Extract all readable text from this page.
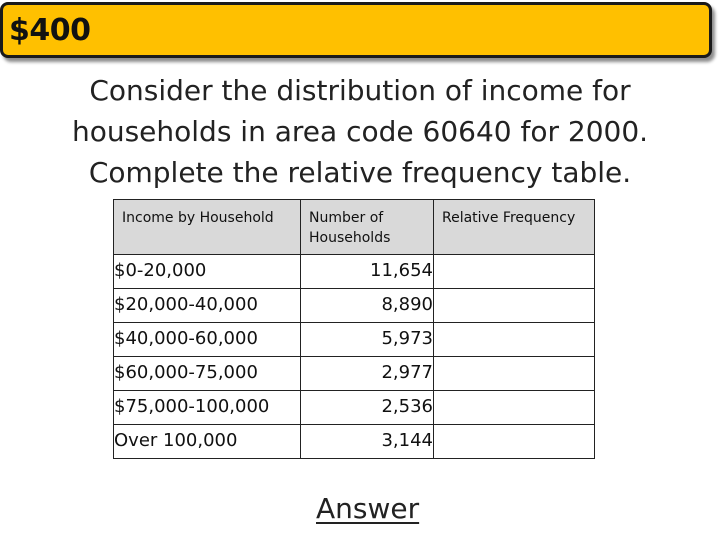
$400
Consider the distribution of income for
households in area code 60640 for 2000.
Complete the relative frequency table.
Income by Household	Number of Households	Relative Frequency
$0-20,000	11,654	
$20,000-40,000	8,890	
$40,000-60,000	5,973	
$60,000-75,000	2,977	
$75,000-100,000	2,536	
Over 100,000	3,144	
Answer
